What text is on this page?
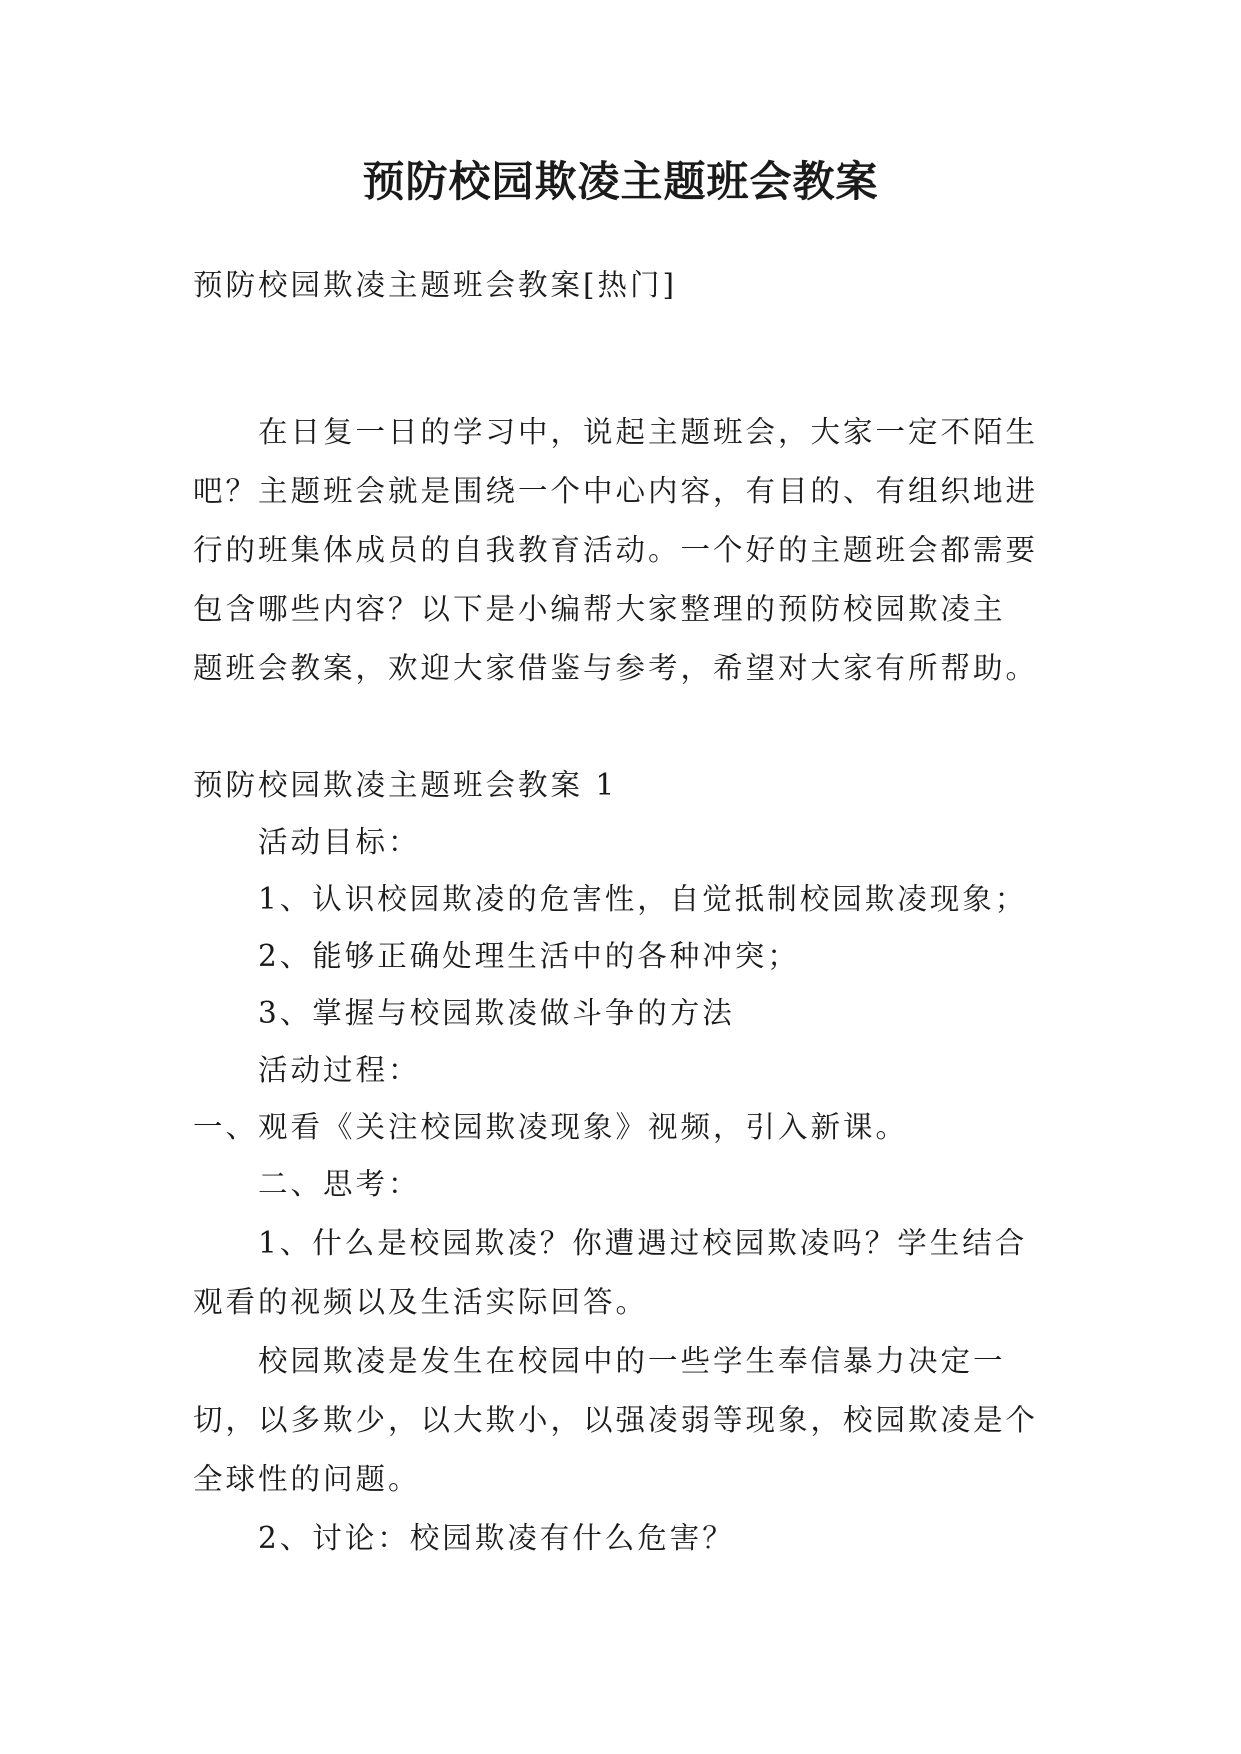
预防校园欺凌主题班会教案
预防校园欺凌主题班会教案[热门]
在日复一日的学习中，说起主题班会，大家一定不陌生
吧？主题班会就是围绕一个中心内容，有目的、有组织地进
行的班集体成员的自我教育活动。一个好的主题班会都需要
包含哪些内容？以下是小编帮大家整理的预防校园欺凌主
题班会教案，欢迎大家借鉴与参考，希望对大家有所帮助。
预防校园欺凌主题班会教案 1
活动目标：
1、认识校园欺凌的危害性，自觉抵制校园欺凌现象；
2、能够正确处理生活中的各种冲突；
3、掌握与校园欺凌做斗争的方法
活动过程：
一、观看《关注校园欺凌现象》视频，引入新课。
二、思考：
1、什么是校园欺凌？你遭遇过校园欺凌吗？学生结合
观看的视频以及生活实际回答。
校园欺凌是发生在校园中的一些学生奉信暴力决定一
切，以多欺少，以大欺小，以强凌弱等现象，校园欺凌是个
全球性的问题。
2、讨论：校园欺凌有什么危害？
